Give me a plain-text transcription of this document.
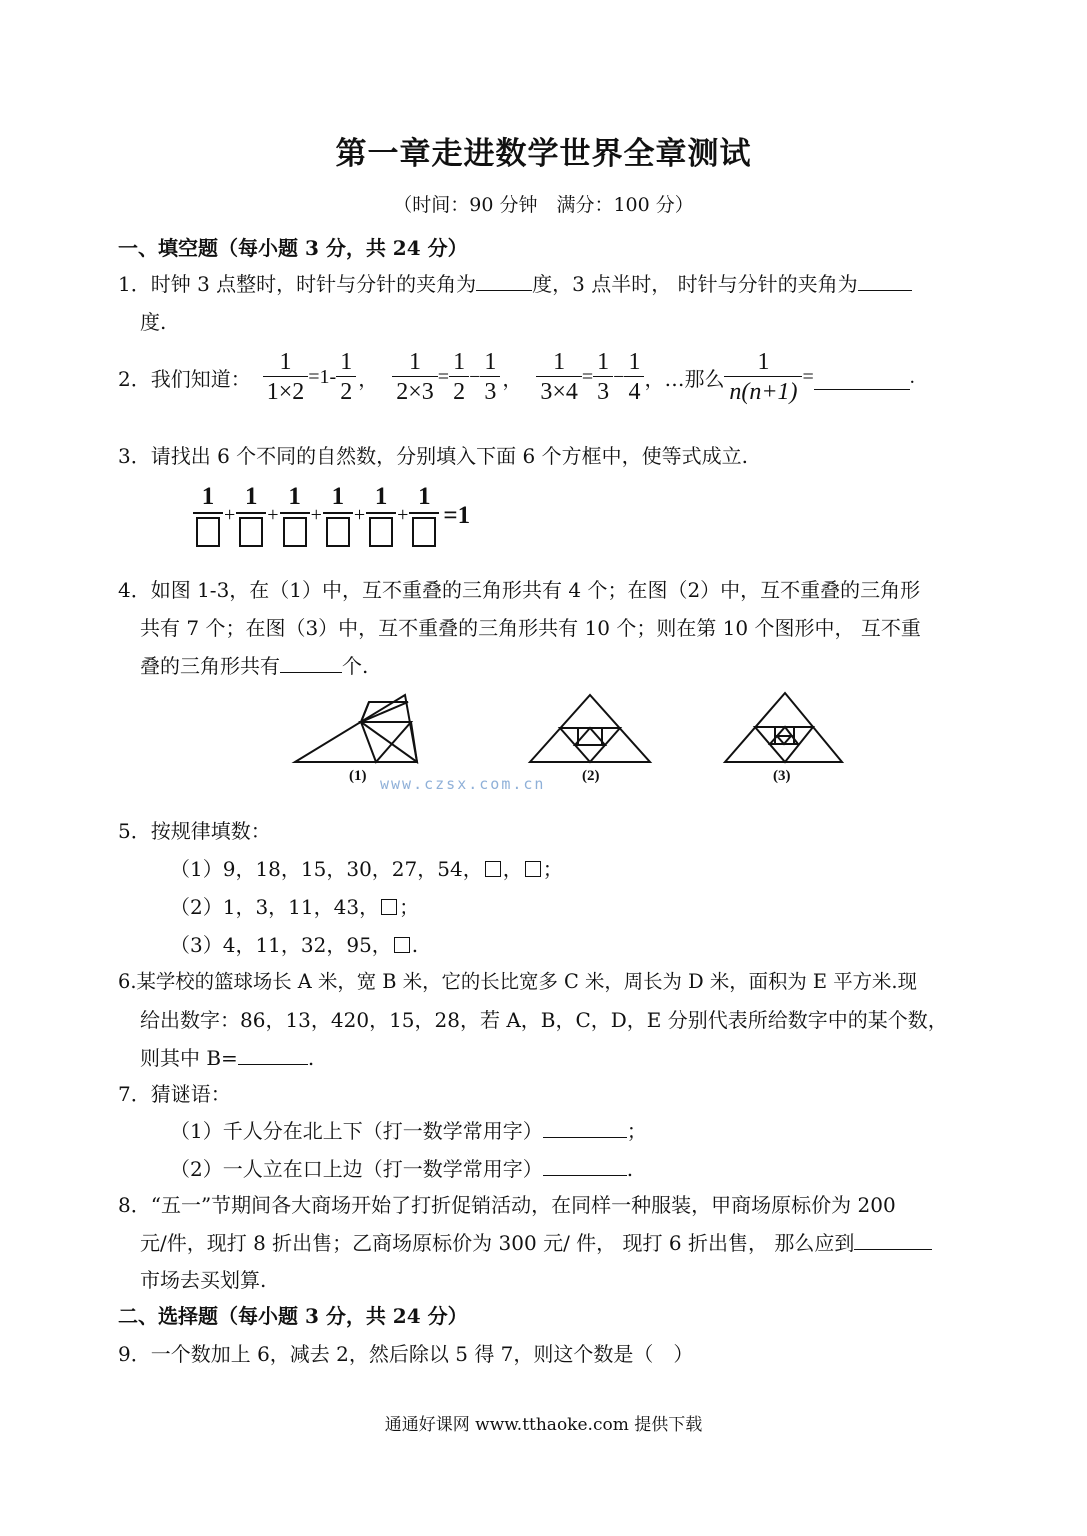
第一章走进数学世界全章测试
（时间：90 分钟　满分：100 分）
一、填空题（每小题 3 分，共 24 分）
1．时钟 3 点整时，时针与分针的夹角为	度，3 点半时， 时针与分针的夹角为
度.
2．我们知道： $\frac{1}{1\times 2} =1- \frac{1}{2}$ ， $\frac{1}{2\times 3} = \frac{1}{2} - \frac{1}{3}$ ， $\frac{1}{3\times 4} = \frac{1}{3} - \frac{1}{4}$ ，…那么 $\frac{1}{n(n+1)}$ =	.
3．请找出 6 个不同的自然数，分别填入下面 6 个方框中，使等式成立.
1
+
1
+
1
+
1
+
1
+
1
=1
4．如图 1-3，在（1）中，互不重叠的三角形共有 4 个；在图（2）中，互不重叠的三角形
共有 7 个；在图（3）中，互不重叠的三角形共有 10 个；则在第 10 个图形中， 互不重
叠的三角形共有	个.
(1) www.czsx.com.cn (2)	(3)
5．按规律填数：
（1）9，18，15，30，27，54， ， ；
（2）1，3，11，43， ；
（3）4，11，32，95， .
6.某学校的篮球场长 A 米，宽 B 米，它的长比宽多 C 米，周长为 D 米，面积为 E 平方米.现
给出数字：86，13，420，15，28，若 A，B，C，D，E 分别代表所给数字中的某个数，
则其中 B=	.
7．猜谜语：
（1）千人分在北上下（打一数学常用字）	；
（2）一人立在口上边（打一数学常用字）	.
8．“五一”节期间各大商场开始了打折促销活动，在同样一种服装，甲商场原标价为 200
元/件，现打 8 折出售；乙商场原标价为 300 元/ 件， 现打 6 折出售， 那么应到
市场去买划算.
二、选择题（每小题 3 分，共 24 分）
9．一个数加上 6，减去 2，然后除以 5 得 7，则这个数是（　）
通通好课网 www.tthaoke.com 提供下载
